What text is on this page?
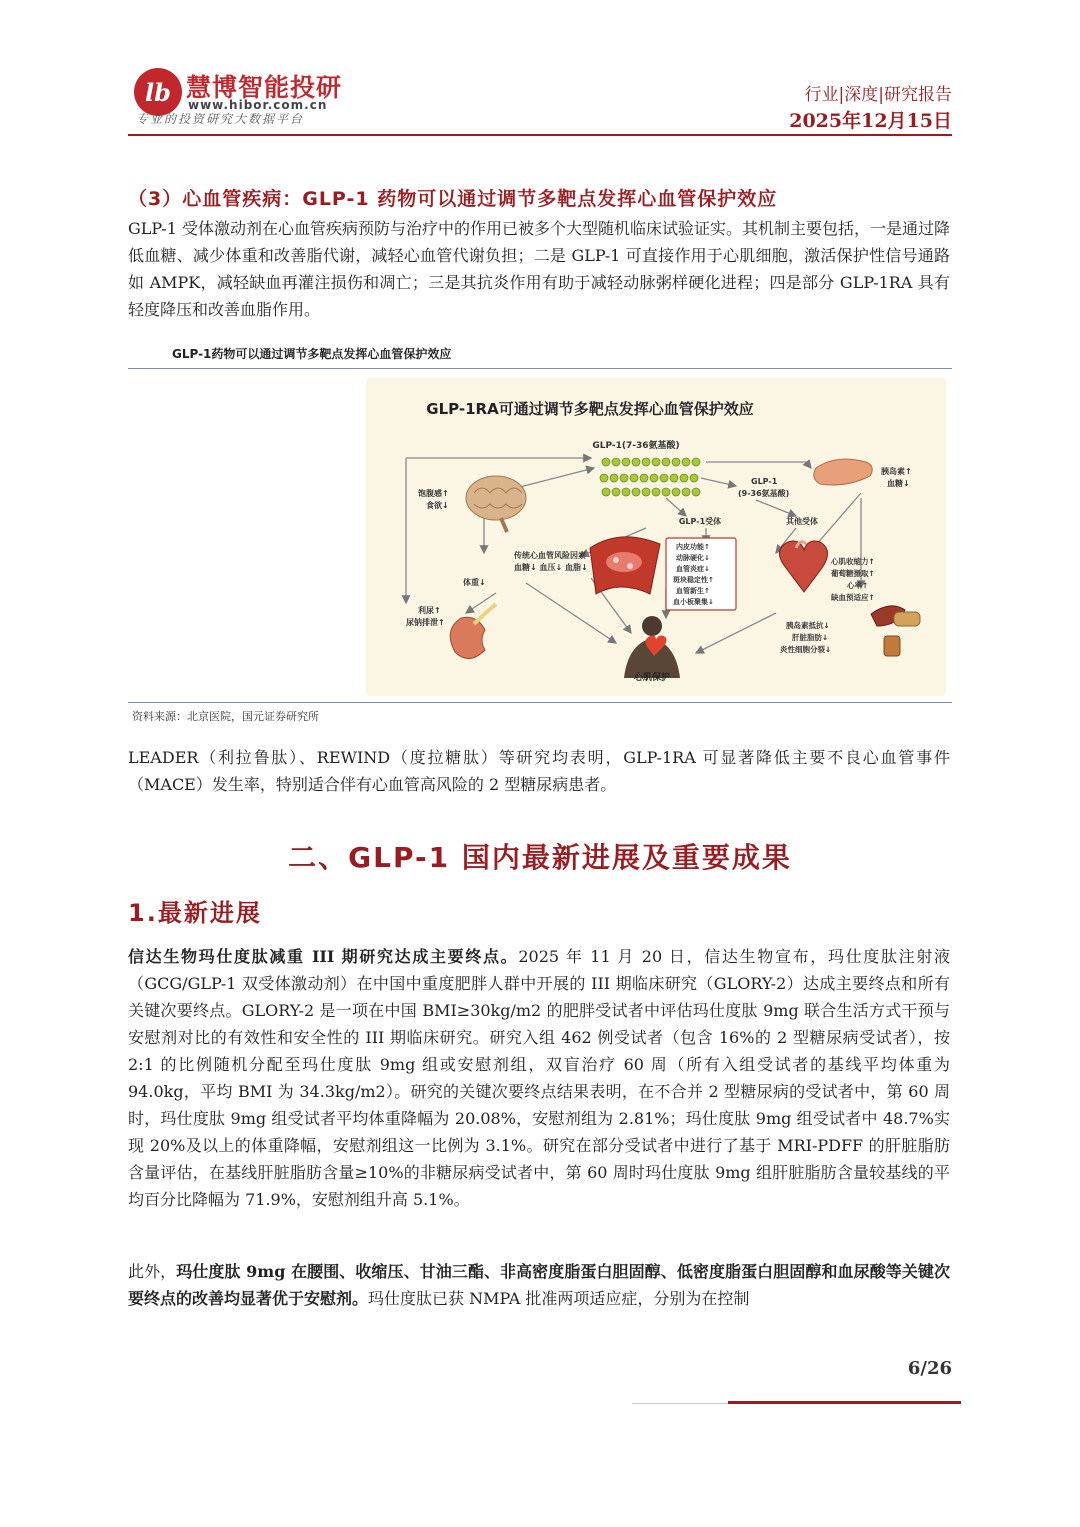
lb 慧博智能投研
www.hibor.com.cn
专业的投资研究大数据平台
行业|深度|研究报告
2025年12月15日
（3）心血管疾病：GLP-1 药物可以通过调节多靶点发挥心血管保护效应
GLP-1 受体激动剂在心血管疾病预防与治疗中的作用已被多个大型随机临床试验证实。其机制主要包括，一是通过降低血糖、减少体重和改善脂代谢，减轻心血管代谢负担；二是 GLP-1 可直接作用于心肌细胞，激活保护性信号通路如 AMPK，减轻缺血再灌注损伤和凋亡；三是其抗炎作用有助于减轻动脉粥样硬化进程；四是部分 GLP-1RA 具有轻度降压和改善血脂作用。
GLP-1药物可以通过调节多靶点发挥心血管保护效应
GLP-1RA可通过调节多靶点发挥心血管保护效应
GLP-1(7-36氨基酸)
GLP-1 (9-36氨基酸)
GLP-1受体	其他受体
饱腹感↑食欲↓
胰岛素↑血糖↓
传统心血管风险因素血糖↓ 血压↓ 血脂↓
体重↓
内皮功能↑动脉硬化↓血管炎症↓斑块稳定性↑血管新生↑血小板聚集↓
心肌收缩力↑葡萄糖摄取↑心率↑缺血预适应↑
利尿↑尿钠排泄↑	胰岛素抵抗↓肝脏脂肪↓炎性细胞分裂↓
心肌保护
资料来源：北京医院，国元证券研究所
LEADER（利拉鲁肽）、REWIND（度拉糖肽）等研究均表明，GLP-1RA 可显著降低主要不良心血管事件（MACE）发生率，特别适合伴有心血管高风险的 2 型糖尿病患者。
二、GLP-1 国内最新进展及重要成果
1.最新进展
信达生物玛仕度肽减重 III 期研究达成主要终点。2025 年 11 月 20 日，信达生物宣布，玛仕度肽注射液（GCG/GLP-1 双受体激动剂）在中国中重度肥胖人群中开展的 III 期临床研究（GLORY-2）达成主要终点和所有关键次要终点。GLORY-2 是一项在中国 BMI≥30kg/m2 的肥胖受试者中评估玛仕度肽 9mg 联合生活方式干预与安慰剂对比的有效性和安全性的 III 期临床研究。研究入组 462 例受试者（包含 16%的 2 型糖尿病受试者），按 2:1 的比例随机分配至玛仕度肽 9mg 组或安慰剂组，双盲治疗 60 周（所有入组受试者的基线平均体重为 94.0kg，平均 BMI 为 34.3kg/m2）。研究的关键次要终点结果表明，在不合并 2 型糖尿病的受试者中，第 60 周时，玛仕度肽 9mg 组受试者平均体重降幅为 20.08%，安慰剂组为 2.81%；玛仕度肽 9mg 组受试者中 48.7%实现 20%及以上的体重降幅，安慰剂组这一比例为 3.1%。研究在部分受试者中进行了基于 MRI-PDFF 的肝脏脂肪含量评估，在基线肝脏脂肪含量≥10%的非糖尿病受试者中，第 60 周时玛仕度肽 9mg 组肝脏脂肪含量较基线的平均百分比降幅为 71.9%，安慰剂组升高 5.1%。
此外，玛仕度肽 9mg 在腰围、收缩压、甘油三酯、非高密度脂蛋白胆固醇、低密度脂蛋白胆固醇和血尿酸等关键次要终点的改善均显著优于安慰剂。玛仕度肽已获 NMPA 批准两项适应症，分别为在控制
6/26
